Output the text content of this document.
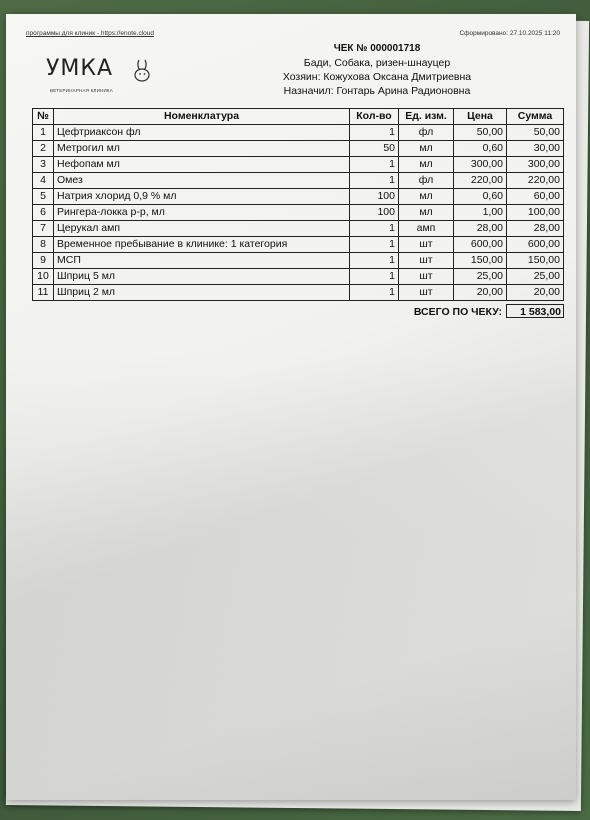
программы для клиник - https://enote.cloud	Сформировано: 27.10.2025 11:20
УМКА
ВЕТЕРИНАРНАЯ КЛИНИКА
ЧЕК № 000001718
Бади, Собака, ризен-шнауцер
Хозяин: Кожухова Оксана Дмитриевна
Назначил: Гонтарь Арина Радионовна
№	Номенклатура	Кол-во	Ед. изм.	Цена	Сумма
1	Цефтриаксон фл	1	фл	50,00	50,00
2	Метрогил мл	50	мл	0,60	30,00
3	Нефопам мл	1	мл	300,00	300,00
4	Омез	1	фл	220,00	220,00
5	Натрия хлорид 0,9 % мл	100	мл	0,60	60,00
6	Рингера-локка р-р, мл	100	мл	1,00	100,00
7	Церукал амп	1	амп	28,00	28,00
8	Временное пребывание в клинике: 1 категория	1	шт	600,00	600,00
9	МСП	1	шт	150,00	150,00
10	Шприц 5 мл	1	шт	25,00	25,00
11	Шприц 2 мл	1	шт	20,00	20,00
ВСЕГО ПО ЧЕКУ:	1 583,00
